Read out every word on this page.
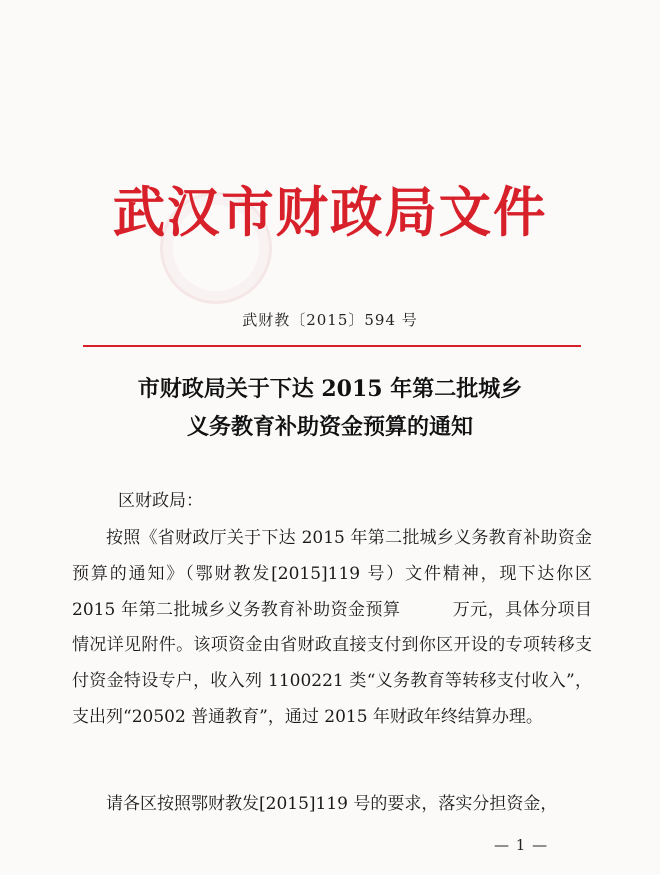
武汉市财政局文件
武财教〔2015〕594 号
市财政局关于下达 2015 年第二批城乡
义务教育补助资金预算的通知
区财政局：

按照《省财政厅关于下达 2015 年第二批城乡义务教育补助资金预算的通知》（鄂财教发[2015]119 号）文件精神，现下达你区 2015 年第二批城乡义务教育补助资金预算　　　万元，具体分项目情况详见附件。该项资金由省财政直接支付到你区开设的专项转移支付资金特设专户，收入列 1100221 类“义务教育等转移支付收入”，支出列“20502 普通教育”，通过 2015 年财政年终结算办理。

请各区按照鄂财教发[2015]119 号的要求，落实分担资金，

— 1 —
